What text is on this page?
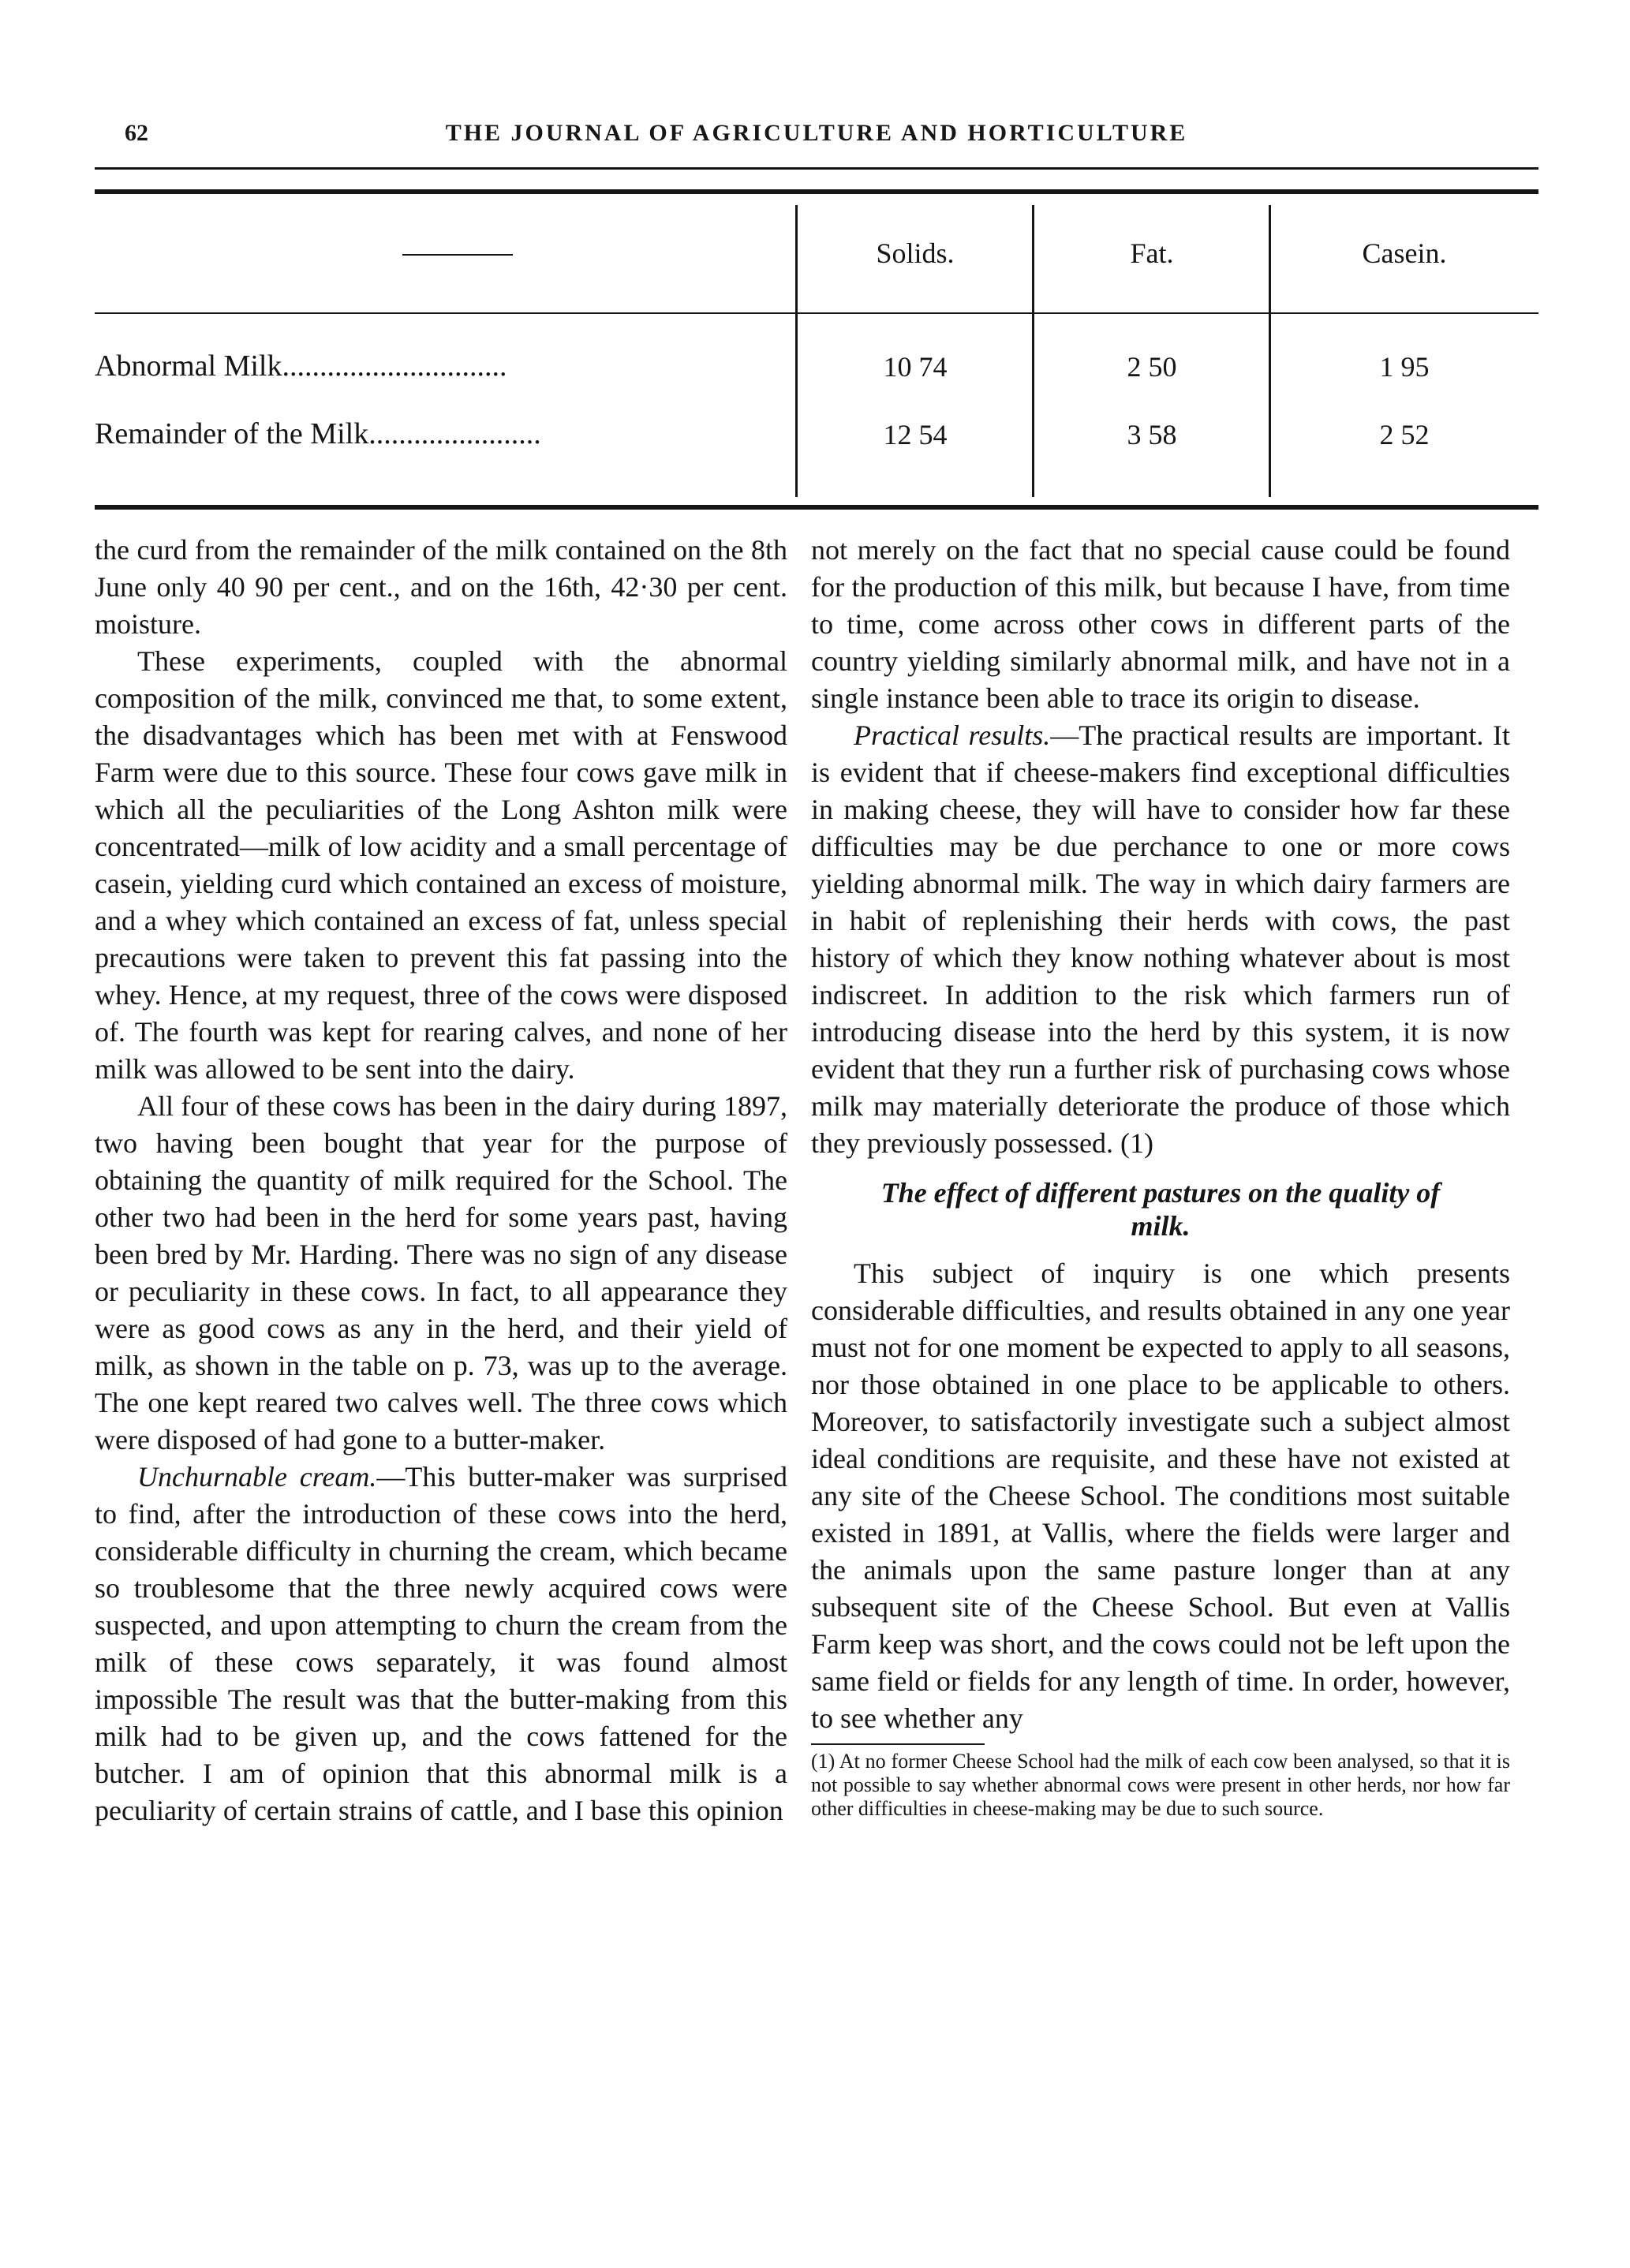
62	THE JOURNAL OF AGRICULTURE AND HORTICULTURE
Solids.	Fat.	Casein.
Abnormal Milk..............................	10 74	2 50	1 95
Remainder of the Milk.......................	12 54	3 58	2 52

the curd from the remainder of the milk contained on the 8th June only 40 90 per cent., and on the 16th, 42·30 per cent. moisture.

These experiments, coupled with the abnormal composition of the milk, convinced me that, to some extent, the disadvantages which has been met with at Fenswood Farm were due to this source. These four cows gave milk in which all the peculiarities of the Long Ashton milk were concentrated—milk of low acidity and a small percentage of casein, yielding curd which contained an excess of moisture, and a whey which contained an excess of fat, unless special precautions were taken to prevent this fat passing into the whey. Hence, at my request, three of the cows were disposed of. The fourth was kept for rearing calves, and none of her milk was allowed to be sent into the dairy.

All four of these cows has been in the dairy during 1897, two having been bought that year for the purpose of obtaining the quantity of milk required for the School. The other two had been in the herd for some years past, having been bred by Mr. Harding. There was no sign of any disease or peculiarity in these cows. In fact, to all appearance they were as good cows as any in the herd, and their yield of milk, as shown in the table on p. 73, was up to the average. The one kept reared two calves well. The three cows which were disposed of had gone to a butter-maker.

Unchurnable cream.—This butter-maker was surprised to find, after the introduction of these cows into the herd, considerable difficulty in churning the cream, which became so troublesome that the three newly acquired cows were suspected, and upon attempting to churn the cream from the milk of these cows separately, it was found almost impossible The result was that the butter-making from this milk had to be given up, and the cows fattened for the butcher. I am of opinion that this abnormal milk is a peculiarity of certain strains of cattle, and I base this opinion

not merely on the fact that no special cause could be found for the production of this milk, but because I have, from time to time, come across other cows in different parts of the country yielding similarly abnormal milk, and have not in a single instance been able to trace its origin to disease.

Practical results.—The practical results are important. It is evident that if cheese-makers find exceptional difficulties in making cheese, they will have to consider how far these difficulties may be due perchance to one or more cows yielding abnormal milk. The way in which dairy farmers are in habit of replenishing their herds with cows, the past history of which they know nothing whatever about is most indiscreet. In addition to the risk which farmers run of introducing disease into the herd by this system, it is now evident that they run a further risk of purchasing cows whose milk may materially deteriorate the produce of those which they previously possessed. (1)

The effect of different pastures on the quality of milk.

This subject of inquiry is one which presents considerable difficulties, and results obtained in any one year must not for one moment be expected to apply to all seasons, nor those obtained in one place to be applicable to others. Moreover, to satisfactorily investigate such a subject almost ideal conditions are requisite, and these have not existed at any site of the Cheese School. The conditions most suitable existed in 1891, at Vallis, where the fields were larger and the animals upon the same pasture longer than at any subsequent site of the Cheese School. But even at Vallis Farm keep was short, and the cows could not be left upon the same field or fields for any length of time. In order, however, to see whether any

(1) At no former Cheese School had the milk of each cow been analysed, so that it is not possible to say whether abnormal cows were present in other herds, nor how far other difficulties in cheese-making may be due to such source.
